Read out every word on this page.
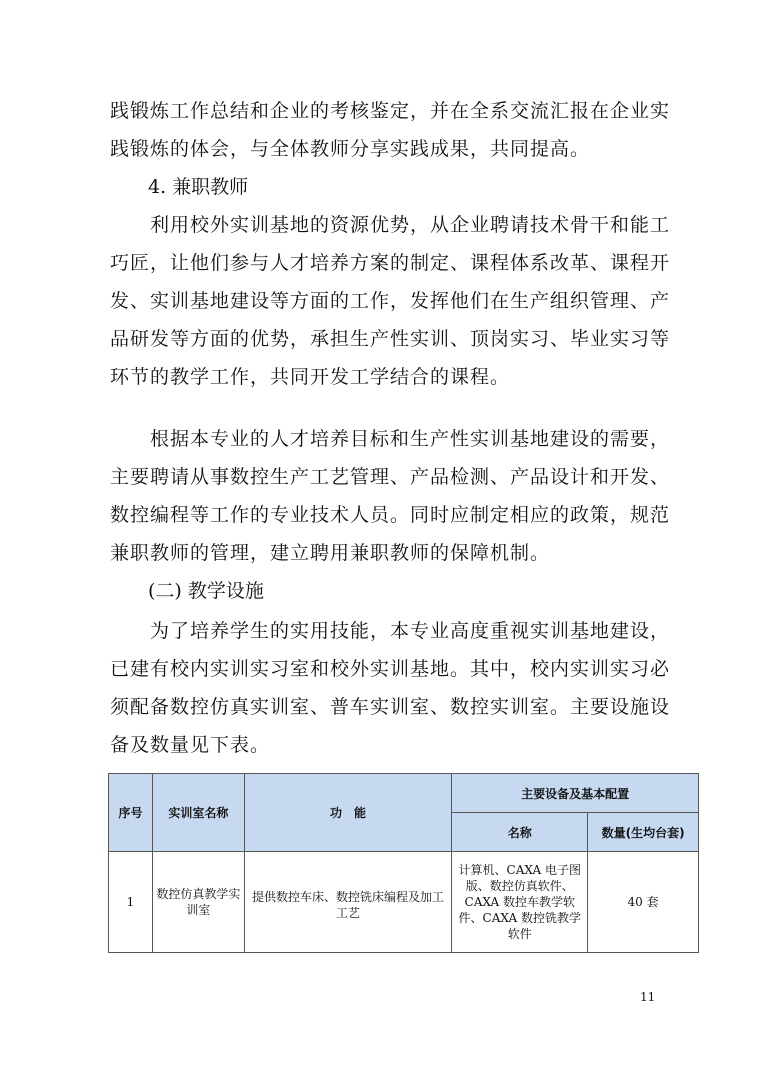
践锻炼工作总结和企业的考核鉴定，并在全系交流汇报在企业实践锻炼的体会，与全体教师分享实践成果，共同提高。

4. 兼职教师

　　利用校外实训基地的资源优势，从企业聘请技术骨干和能工巧匠，让他们参与人才培养方案的制定、课程体系改革、课程开发、实训基地建设等方面的工作，发挥他们在生产组织管理、产品研发等方面的优势，承担生产性实训、顶岗实习、毕业实习等环节的教学工作，共同开发工学结合的课程。

　　根据本专业的人才培养目标和生产性实训基地建设的需要，主要聘请从事数控生产工艺管理、产品检测、产品设计和开发、数控编程等工作的专业技术人员。同时应制定相应的政策，规范兼职教师的管理，建立聘用兼职教师的保障机制。

(二) 教学设施

　　为了培养学生的实用技能，本专业高度重视实训基地建设，已建有校内实训实习室和校外实训基地。其中，校内实训实习必须配备数控仿真实训室、普车实训室、数控实训室。主要设施设备及数量见下表。

序号	实训室名称	功　能	主要设备及基本配置	
			名称	数量(生均台套)
1	数控仿真教学实训室	提供数控车床、数控铣床编程及加工工艺	计算机、CAXA 电子图版、数控仿真软件、CAXA 数控车教学软件、CAXA 数控铣教学软件	40 套
11
